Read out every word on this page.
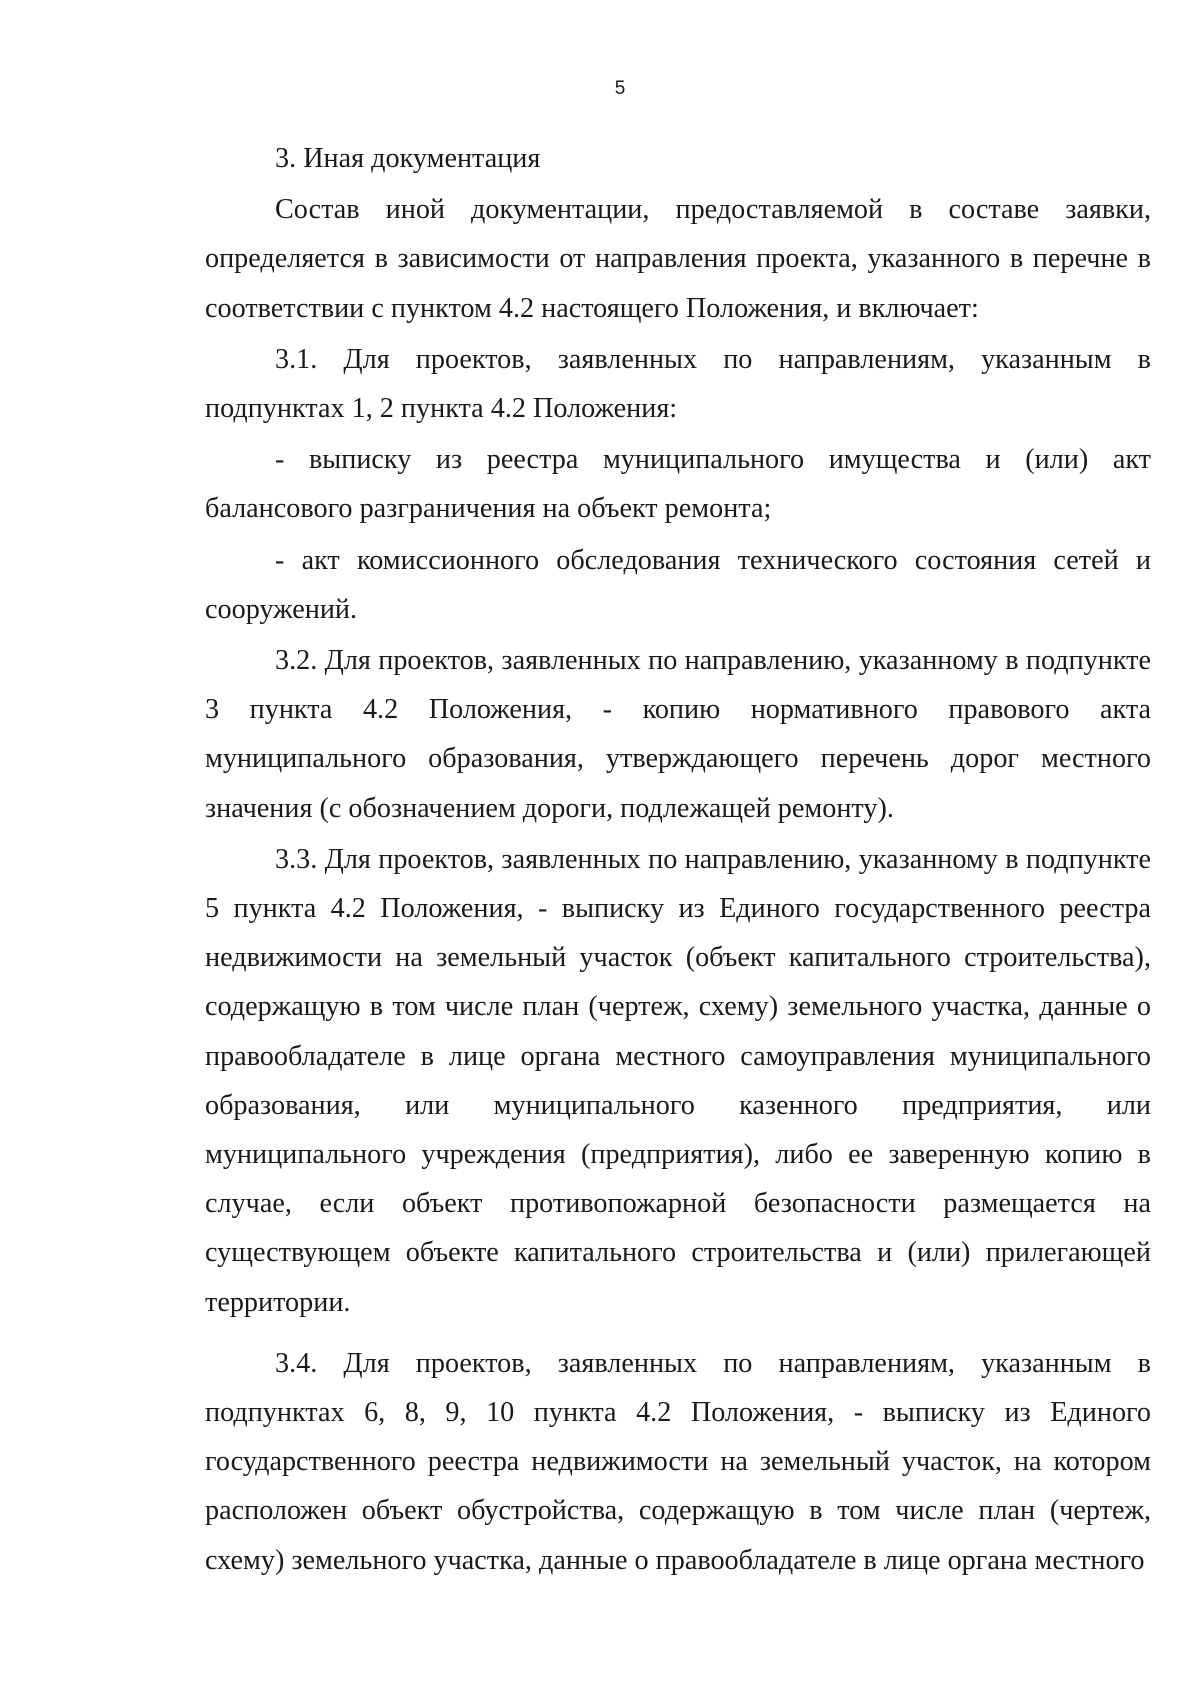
5

3. Иная документация

Состав иной документации, предоставляемой в составе заявки, определяется в зависимости от направления проекта, указанного в перечне в соответствии с пунктом 4.2 настоящего Положения, и включает:

3.1. Для проектов, заявленных по направлениям, указанным в подпунктах 1, 2 пункта 4.2 Положения:

- выписку из реестра муниципального имущества и (или) акт балансового разграничения на объект ремонта;

- акт комиссионного обследования технического состояния сетей и сооружений.

3.2. Для проектов, заявленных по направлению, указанному в подпункте 3 пункта 4.2 Положения, - копию нормативного правового акта муниципального образования, утверждающего перечень дорог местного значения (с обозначением дороги, подлежащей ремонту).

3.3. Для проектов, заявленных по направлению, указанному в подпункте 5 пункта 4.2 Положения, - выписку из Единого государственного реестра недвижимости на земельный участок (объект капитального строительства), содержащую в том числе план (чертеж, схему) земельного участка, данные о правообладателе в лице органа местного самоуправления муниципального образования, или муниципального казенного предприятия, или муниципального учреждения (предприятия), либо ее заверенную копию в случае, если объект противопожарной безопасности размещается на существующем объекте капитального строительства и (или) прилегающей территории.

3.4. Для проектов, заявленных по направлениям, указанным в подпунктах 6, 8, 9, 10 пункта 4.2 Положения, - выписку из Единого государственного реестра недвижимости на земельный участок, на котором расположен объект обустройства, содержащую в том числе план (чертеж, схему) земельного участка, данные о правообладателе в лице органа местного
